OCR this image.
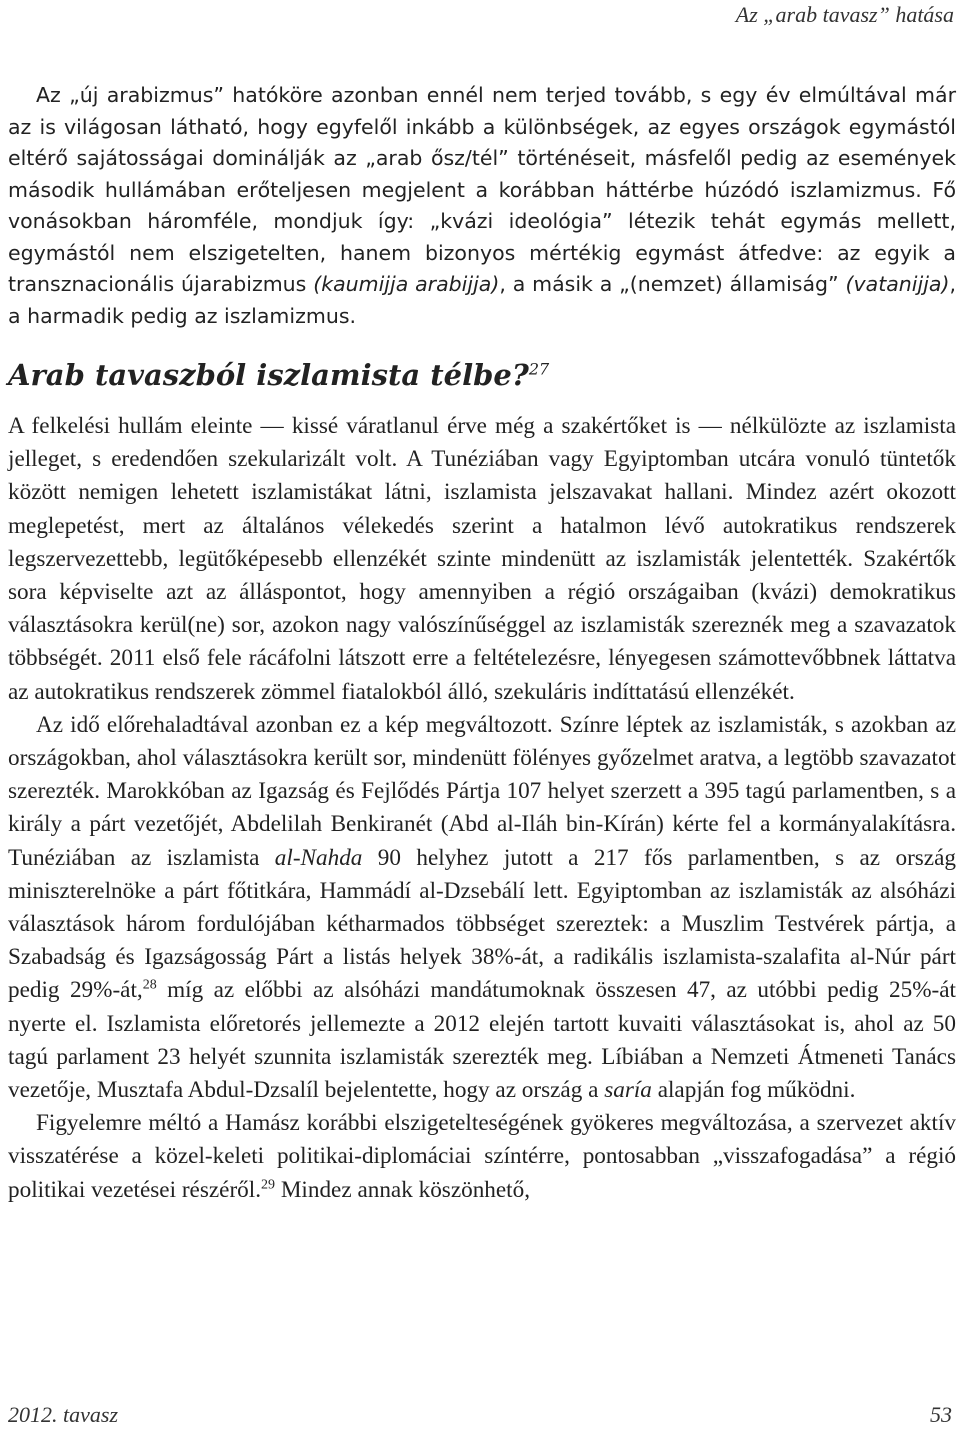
Az „arab tavasz” hatása

Az „új arabizmus” hatóköre azonban ennél nem terjed tovább, s egy év elmúltával már az is világosan látható, hogy egyfelől inkább a különbségek, az egyes országok egymástól eltérő sajátosságai dominálják az „arab ősz/tél” történéseit, másfelől pedig az események második hullámában erőteljesen megjelent a korábban háttérbe húzódó iszlamizmus. Fő vonásokban háromféle, mondjuk így: „kvázi ideológia” létezik tehát egymás mellett, egymástól nem elszigetelten, hanem bizonyos mértékig egymást átfedve: az egyik a transznacionális újarabizmus (kaumijja arabijja), a másik a „(nemzet) államiság” (vatanijja), a harmadik pedig az iszlamizmus.

Arab tavaszból iszlamista télbe?$^{27}$

A felkelési hullám eleinte — kissé váratlanul érve még a szakértőket is — nélkülözte az iszlamista jelleget, s eredendően szekularizált volt. A Tunéziában vagy Egyiptomban utcára vonuló tüntetők között nemigen lehetett iszlamistákat látni, iszlamista jelszavakat hallani. Mindez azért okozott meglepetést, mert az általános vélekedés szerint a hatalmon lévő autokratikus rendszerek legszervezettebb, legütőképesebb ellenzékét szinte mindenütt az iszlamisták jelentették. Szakértők sora képviselte azt az álláspontot, hogy amennyiben a régió országaiban (kvázi) demokratikus választásokra kerül(ne) sor, azokon nagy valószínűséggel az iszlamisták szereznék meg a szavazatok többségét. 2011 első fele rácáfolni látszott erre a feltételezésre, lényegesen számottevőbbnek láttatva az autokratikus rendszerek zömmel fiatalokból álló, szekuláris indíttatású ellenzékét.

Az idő előrehaladtával azonban ez a kép megváltozott. Színre léptek az iszlamisták, s azokban az országokban, ahol választásokra került sor, mindenütt fölényes győzelmet aratva, a legtöbb szavazatot szerezték. Marokkóban az Igazság és Fejlődés Pártja 107 helyet szerzett a 395 tagú parlamentben, s a király a párt vezetőjét, Abdelilah Benkiranét (Abd al-Iláh bin-Kírán) kérte fel a kormányalakításra. Tunéziában az iszlamista al-Nahda 90 helyhez jutott a 217 fős parlamentben, s az ország miniszterelnöke a párt főtitkára, Hammádí al-Dzsebálí lett. Egyiptomban az iszlamisták az alsóházi választások három fordulójában kétharmados többséget szereztek: a Muszlim Testvérek pártja, a Szabadság és Igazságosság Párt a listás helyek 38%-át, a radikális iszlamista-szalafita al-Núr párt pedig 29%-át,$^{28}$ míg az előbbi az alsóházi mandátumoknak összesen 47, az utóbbi pedig 25%-át nyerte el. Iszlamista előretorés jellemezte a 2012 elején tartott kuvaiti választásokat is, ahol az 50 tagú parlament 23 helyét szunnita iszlamisták szerezték meg. Líbiában a Nemzeti Átmeneti Tanács vezetője, Musztafa Abdul-Dzsalíl bejelentette, hogy az ország a saría alapján fog működni.

Figyelemre méltó a Hamász korábbi elszigetelteségének gyökeres megváltozása, a szervezet aktív visszatérése a közel-keleti politikai-diplomáciai színtérre, pontosabban „visszafogadása” a régió politikai vezetései részéről.$^{29}$ Mindez annak köszönhető,

2012. tavasz	53
